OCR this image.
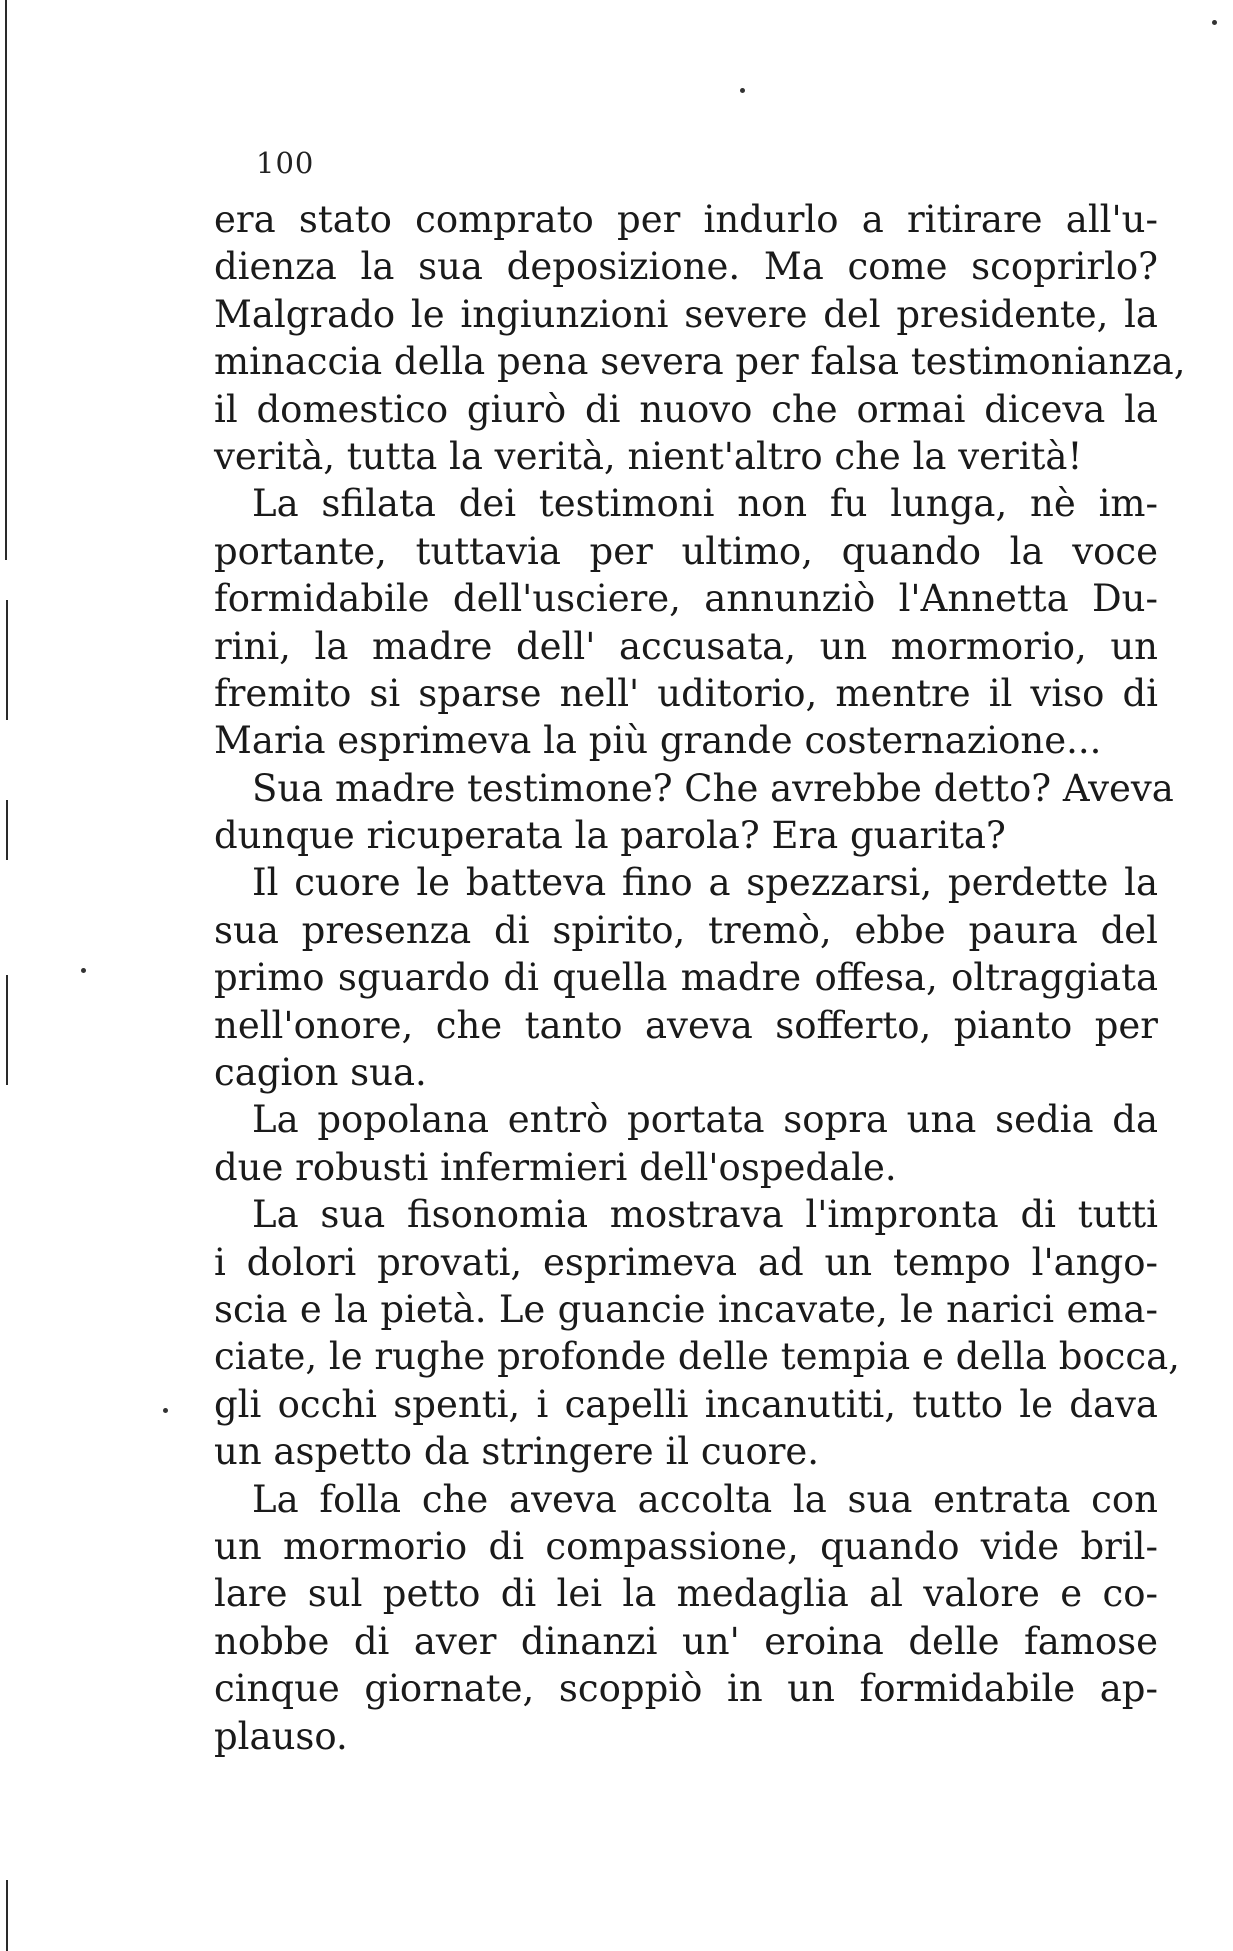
100
era stato comprato per indurlo a ritirare all'u-
dienza la sua deposizione. Ma come scoprirlo?
Malgrado le ingiunzioni severe del presidente, la
minaccia della pena severa per falsa testimonianza,
il domestico giurò di nuovo che ormai diceva la
verità, tutta la verità, nient'altro che la verità!
La sfilata dei testimoni non fu lunga, nè im-
portante, tuttavia per ultimo, quando la voce
formidabile dell'usciere, annunziò l'Annetta Du-
rini, la madre dell' accusata, un mormorio, un
fremito si sparse nell' uditorio, mentre il viso di
Maria esprimeva la più grande costernazione...
Sua madre testimone? Che avrebbe detto? Aveva
dunque ricuperata la parola? Era guarita?
Il cuore le batteva fino a spezzarsi, perdette la
sua presenza di spirito, tremò, ebbe paura del
primo sguardo di quella madre offesa, oltraggiata
nell'onore, che tanto aveva sofferto, pianto per
cagion sua.
La popolana entrò portata sopra una sedia da
due robusti infermieri dell'ospedale.
La sua fisonomia mostrava l'impronta di tutti
i dolori provati, esprimeva ad un tempo l'ango-
scia e la pietà. Le guancie incavate, le narici ema-
ciate, le rughe profonde delle tempia e della bocca,
gli occhi spenti, i capelli incanutiti, tutto le dava
un aspetto da stringere il cuore.
La folla che aveva accolta la sua entrata con
un mormorio di compassione, quando vide bril-
lare sul petto di lei la medaglia al valore e co-
nobbe di aver dinanzi un' eroina delle famose
cinque giornate, scoppiò in un formidabile ap-
plauso.
